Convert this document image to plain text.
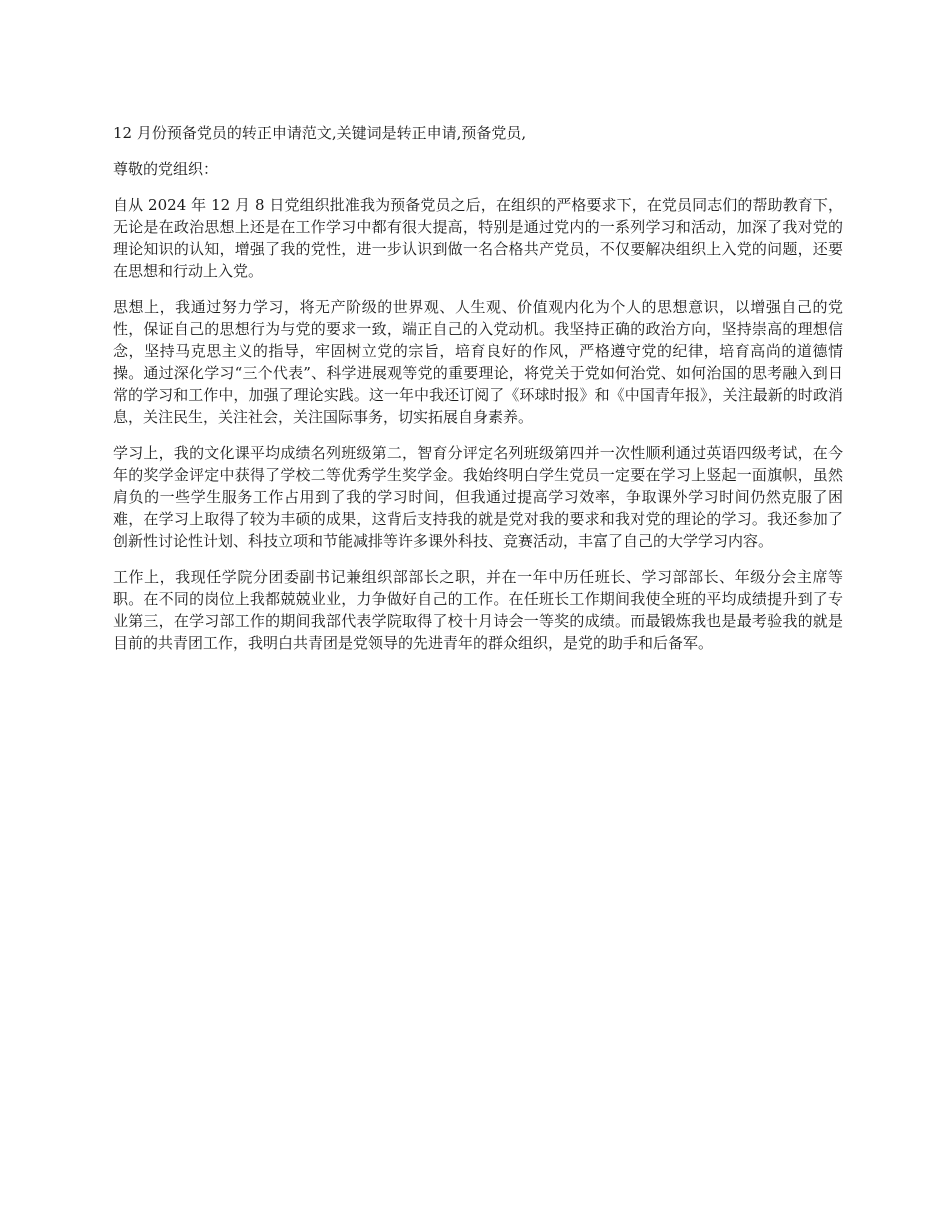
12 月份预备党员的转正申请范文,关键词是转正申请,预备党员,

尊敬的党组织：

自从 2024 年 12 月 8 日党组织批准我为预备党员之后，在组织的严格要求下，在党员同志们的帮助教育下，无论是在政治思想上还是在工作学习中都有很大提高，特别是通过党内的一系列学习和活动，加深了我对党的理论知识的认知，增强了我的党性，进一步认识到做一名合格共产党员，不仅要解决组织上入党的问题，还要在思想和行动上入党。

思想上，我通过努力学习，将无产阶级的世界观、人生观、价值观内化为个人的思想意识，以增强自己的党性，保证自己的思想行为与党的要求一致，端正自己的入党动机。我坚持正确的政治方向，坚持崇高的理想信念，坚持马克思主义的指导，牢固树立党的宗旨，培育良好的作风，严格遵守党的纪律，培育高尚的道德情操。通过深化学习“三个代表”、科学进展观等党的重要理论，将党关于党如何治党、如何治国的思考融入到日常的学习和工作中，加强了理论实践。这一年中我还订阅了《环球时报》和《中国青年报》，关注最新的时政消息，关注民生，关注社会，关注国际事务，切实拓展自身素养。

学习上，我的文化课平均成绩名列班级第二，智育分评定名列班级第四并一次性顺利通过英语四级考试，在今年的奖学金评定中获得了学校二等优秀学生奖学金。我始终明白学生党员一定要在学习上竖起一面旗帜，虽然肩负的一些学生服务工作占用到了我的学习时间，但我通过提高学习效率，争取课外学习时间仍然克服了困难，在学习上取得了较为丰硕的成果，这背后支持我的就是党对我的要求和我对党的理论的学习。我还参加了创新性讨论性计划、科技立项和节能减排等许多课外科技、竞赛活动，丰富了自己的大学学习内容。

工作上，我现任学院分团委副书记兼组织部部长之职，并在一年中历任班长、学习部部长、年级分会主席等职。在不同的岗位上我都兢兢业业，力争做好自己的工作。在任班长工作期间我使全班的平均成绩提升到了专业第三，在学习部工作的期间我部代表学院取得了校十月诗会一等奖的成绩。而最锻炼我也是最考验我的就是目前的共青团工作，我明白共青团是党领导的先进青年的群众组织，是党的助手和后备军。
